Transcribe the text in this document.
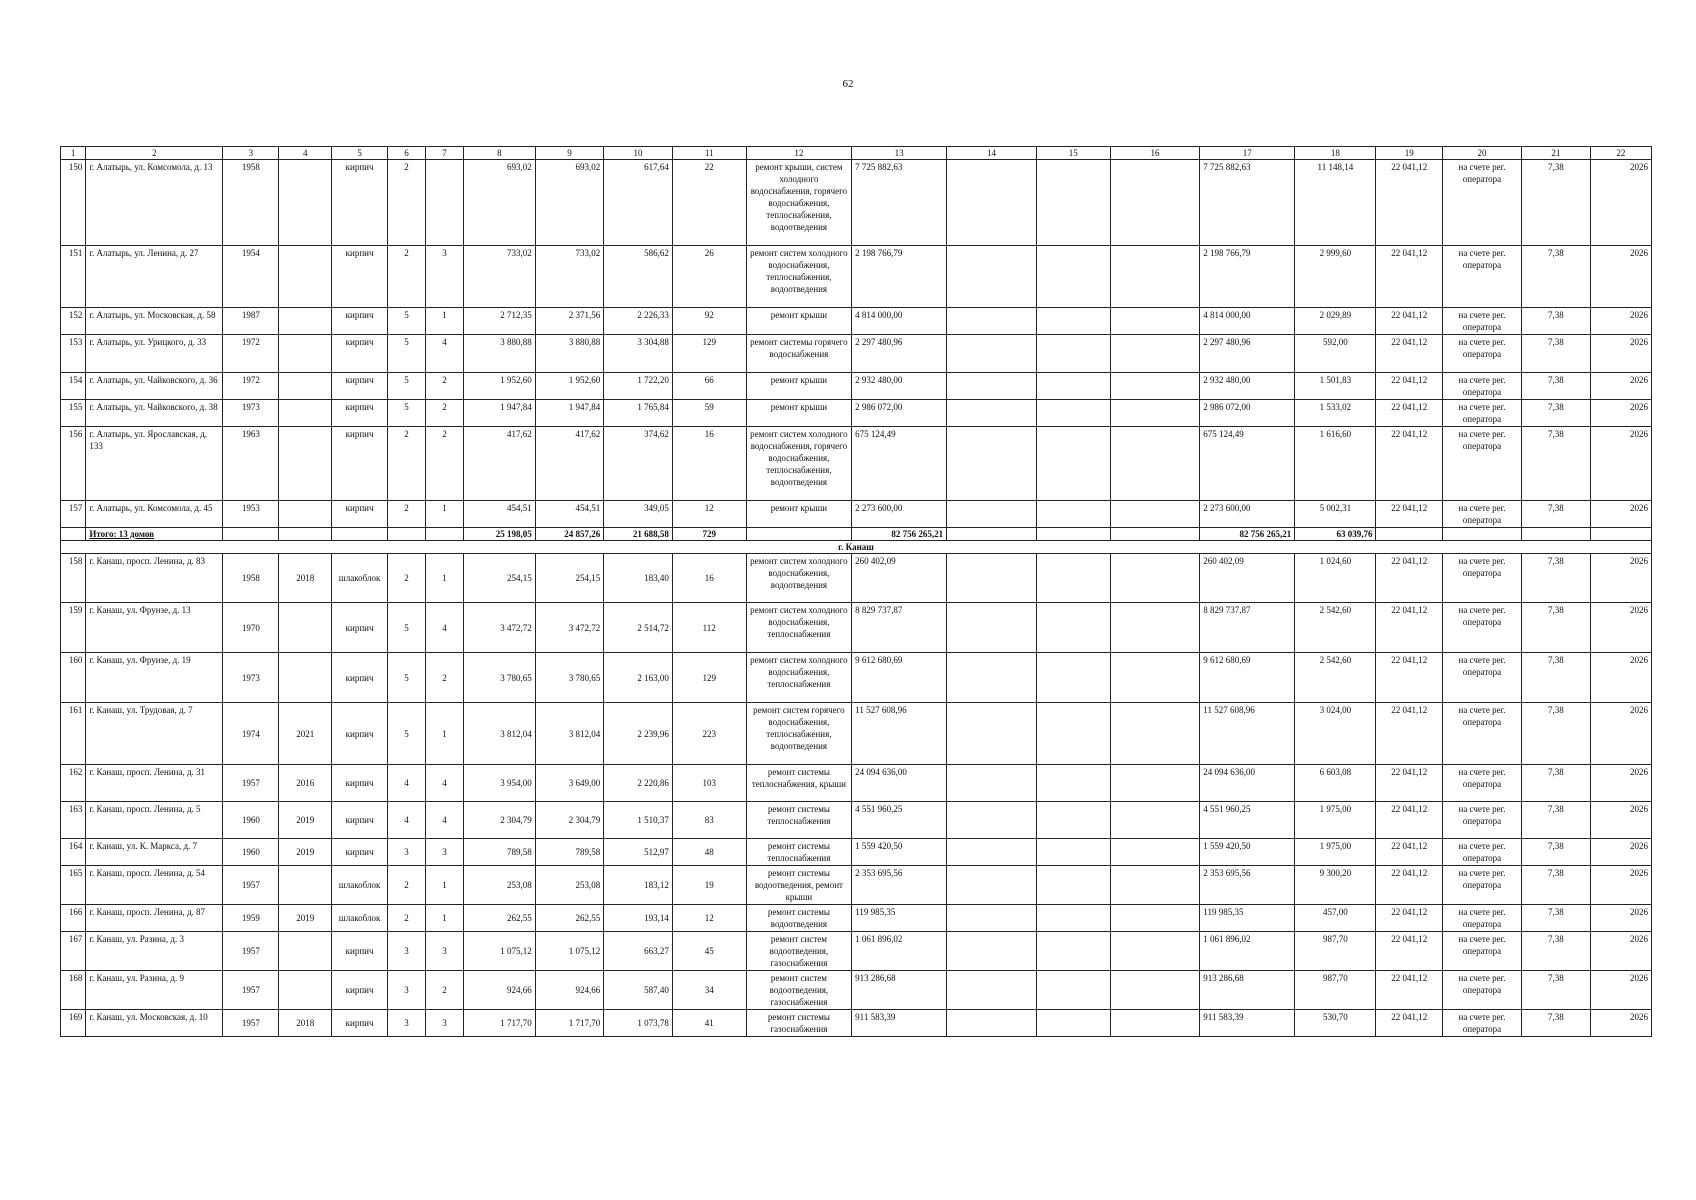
62
1	2	3	4	5	6	7	8	9	10	11	12	13	14	15	16	17	18	19	20	21	22
150	г. Алатырь, ул. Комсомола, д. 13	1958		кирпич	2		693,02	693,02	617,64	22	ремонт крыши, систем холодного водоснабжения, горячего водоснабжения, теплоснабжения, водоотведения	7 725 882,63				7 725 882,63	11 148,14	22 041,12	на счете рег. оператора	7,38	2026
151	г. Алатырь, ул. Ленина, д. 27	1954		кирпич	2	3	733,02	733,02	586,62	26	ремонт систем холодного водоснабжения, теплоснабжения, водоотведения	2 198 766,79				2 198 766,79	2 999,60	22 041,12	на счете рег. оператора	7,38	2026
152	г. Алатырь, ул. Московская, д. 58	1987		кирпич	5	1	2 712,35	2 371,56	2 226,33	92	ремонт крыши	4 814 000,00				4 814 000,00	2 029,89	22 041,12	на счете рег. оператора	7,38	2026
153	г. Алатырь, ул. Урицкого, д. 33	1972		кирпич	5	4	3 880,88	3 880,88	3 304,88	129	ремонт системы горячего водоснабжения	2 297 480,96				2 297 480,96	592,00	22 041,12	на счете рег. оператора	7,38	2026
154	г. Алатырь, ул. Чайковского, д. 36	1972		кирпич	5	2	1 952,60	1 952,60	1 722,20	66	ремонт крыши	2 932 480,00				2 932 480,00	1 501,83	22 041,12	на счете рег. оператора	7,38	2026
155	г. Алатырь, ул. Чайковского, д. 38	1973		кирпич	5	2	1 947,84	1 947,84	1 765,84	59	ремонт крыши	2 986 072,00				2 986 072,00	1 533,02	22 041,12	на счете рег. оператора	7,38	2026
156	г. Алатырь, ул. Ярославская, д. 133	1963		кирпич	2	2	417,62	417,62	374,62	16	ремонт систем холодного водоснабжения, горячего водоснабжения, теплоснабжения, водоотведения	675 124,49				675 124,49	1 616,60	22 041,12	на счете рег. оператора	7,38	2026
157	г. Алатырь, ул. Комсомола, д. 45	1953		кирпич	2	1	454,51	454,51	349,05	12	ремонт крыши	2 273 600,00				2 273 600,00	5 002,31	22 041,12	на счете рег. оператора	7,38	2026
	Итого: 13 домов						25 198,05	24 857,26	21 688,58	729		82 756 265,21				82 756 265,21	63 039,76				
г. Канаш																					
158	г. Канаш, просп. Ленина, д. 83	1958	2018	шлакоблок	2	1	254,15	254,15	183,40	16	ремонт систем холодного водоснабжения, водоотведения	260 402,09				260 402,09	1 024,60	22 041,12	на счете рег. оператора	7,38	2026
159	г. Канаш, ул. Фрунзе, д. 13	1970		кирпич	5	4	3 472,72	3 472,72	2 514,72	112	ремонт систем холодного водоснабжения, теплоснабжения	8 829 737,87				8 829 737,87	2 542,60	22 041,12	на счете рег. оператора	7,38	2026
160	г. Канаш, ул. Фрунзе, д. 19	1973		кирпич	5	2	3 780,65	3 780,65	2 163,00	129	ремонт систем холодного водоснабжения, теплоснабжения	9 612 680,69				9 612 680,69	2 542,60	22 041,12	на счете рег. оператора	7,38	2026
161	г. Канаш, ул. Трудовая, д. 7	1974	2021	кирпич	5	1	3 812,04	3 812,04	2 239,96	223	ремонт систем горячего водоснабжения, теплоснабжения, водоотведения	11 527 608,96				11 527 608,96	3 024,00	22 041,12	на счете рег. оператора	7,38	2026
162	г. Канаш, просп. Ленина, д. 31	1957	2016	кирпич	4	4	3 954,00	3 649,00	2 220,86	103	ремонт системы теплоснабжения, крыши	24 094 636,00				24 094 636,00	6 603,08	22 041,12	на счете рег. оператора	7,38	2026
163	г. Канаш, просп. Ленина, д. 5	1960	2019	кирпич	4	4	2 304,79	2 304,79	1 510,37	83	ремонт системы теплоснабжения	4 551 960,25				4 551 960,25	1 975,00	22 041,12	на счете рег. оператора	7,38	2026
164	г. Канаш, ул. К. Маркса, д. 7	1960	2019	кирпич	3	3	789,58	789,58	512,97	48	ремонт системы теплоснабжения	1 559 420,50				1 559 420,50	1 975,00	22 041,12	на счете рег. оператора	7,38	2026
165	г. Канаш, просп. Ленина, д. 54	1957		шлакоблок	2	1	253,08	253,08	183,12	19	ремонт системы водоотведения, ремонт крыши	2 353 695,56				2 353 695,56	9 300,20	22 041,12	на счете рег. оператора	7,38	2026
166	г. Канаш, просп. Ленина, д. 87	1959	2019	шлакоблок	2	1	262,55	262,55	193,14	12	ремонт системы водоотведения	119 985,35				119 985,35	457,00	22 041,12	на счете рег. оператора	7,38	2026
167	г. Канаш, ул. Разина, д. 3	1957		кирпич	3	3	1 075,12	1 075,12	663,27	45	ремонт систем водоотведения, газоснабжения	1 061 896,02				1 061 896,02	987,70	22 041,12	на счете рег. оператора	7,38	2026
168	г. Канаш, ул. Разина, д. 9	1957		кирпич	3	2	924,66	924,66	587,40	34	ремонт систем водоотведения, газоснабжения	913 286,68				913 286,68	987,70	22 041,12	на счете рег. оператора	7,38	2026
169	г. Канаш, ул. Московская, д. 10	1957	2018	кирпич	3	3	1 717,70	1 717,70	1 073,78	41	ремонт системы газоснабжения	911 583,39				911 583,39	530,70	22 041,12	на счете рег. оператора	7,38	2026
